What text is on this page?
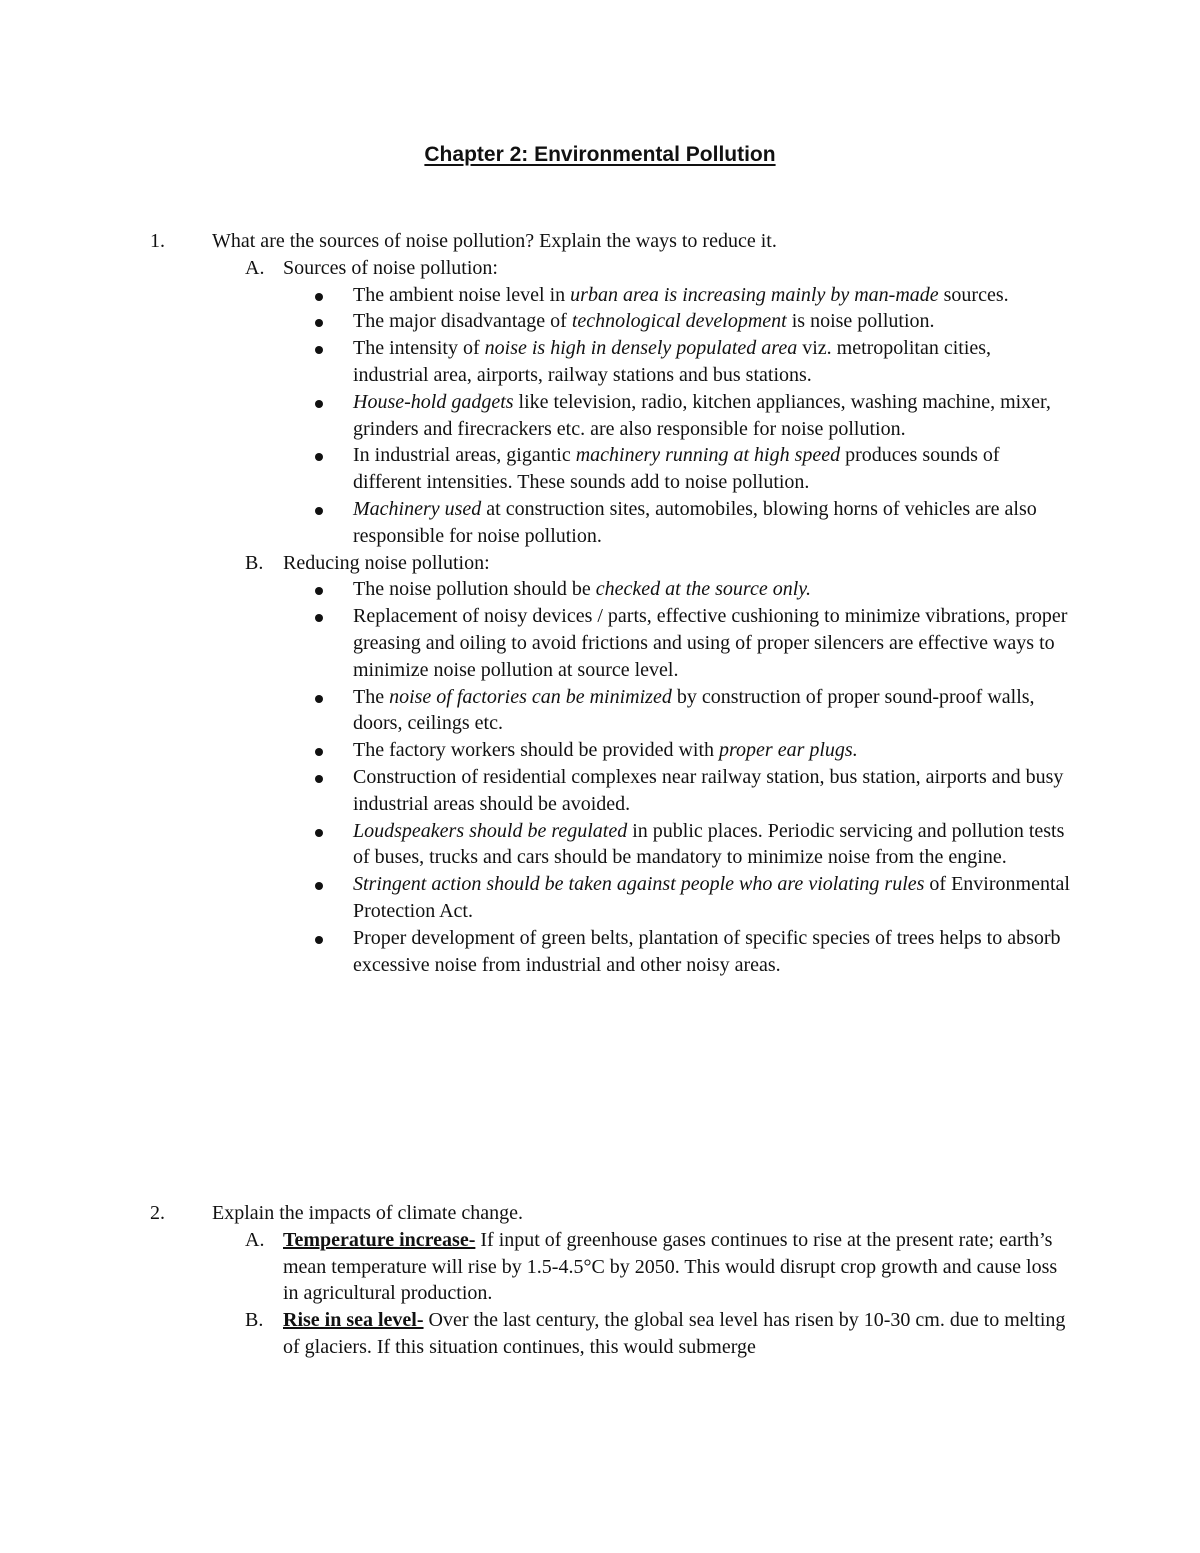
Chapter 2: Environmental Pollution
1. What are the sources of noise pollution? Explain the ways to reduce it.
A. Sources of noise pollution:
The ambient noise level in urban area is increasing mainly by man-made sources.
The major disadvantage of technological development is noise pollution.
The intensity of noise is high in densely populated area viz. metropolitan cities, industrial area, airports, railway stations and bus stations.
House-hold gadgets like television, radio, kitchen appliances, washing machine, mixer, grinders and firecrackers etc. are also responsible for noise pollution.
In industrial areas, gigantic machinery running at high speed produces sounds of different intensities. These sounds add to noise pollution.
Machinery used at construction sites, automobiles, blowing horns of vehicles are also responsible for noise pollution.
B. Reducing noise pollution:
The noise pollution should be checked at the source only.
Replacement of noisy devices / parts, effective cushioning to minimize vibrations, proper greasing and oiling to avoid frictions and using of proper silencers are effective ways to minimize noise pollution at source level.
The noise of factories can be minimized by construction of proper sound-proof walls, doors, ceilings etc.
The factory workers should be provided with proper ear plugs.
Construction of residential complexes near railway station, bus station, airports and busy industrial areas should be avoided.
Loudspeakers should be regulated in public places. Periodic servicing and pollution tests of buses, trucks and cars should be mandatory to minimize noise from the engine.
Stringent action should be taken against people who are violating rules of Environmental Protection Act.
Proper development of green belts, plantation of specific species of trees helps to absorb excessive noise from industrial and other noisy areas.
2. Explain the impacts of climate change.
A. Temperature increase- If input of greenhouse gases continues to rise at the present rate; earth’s mean temperature will rise by 1.5-4.5°C by 2050. This would disrupt crop growth and cause loss in agricultural production.
B. Rise in sea level- Over the last century, the global sea level has risen by 10-30 cm. due to melting of glaciers. If this situation continues, this would submerge
